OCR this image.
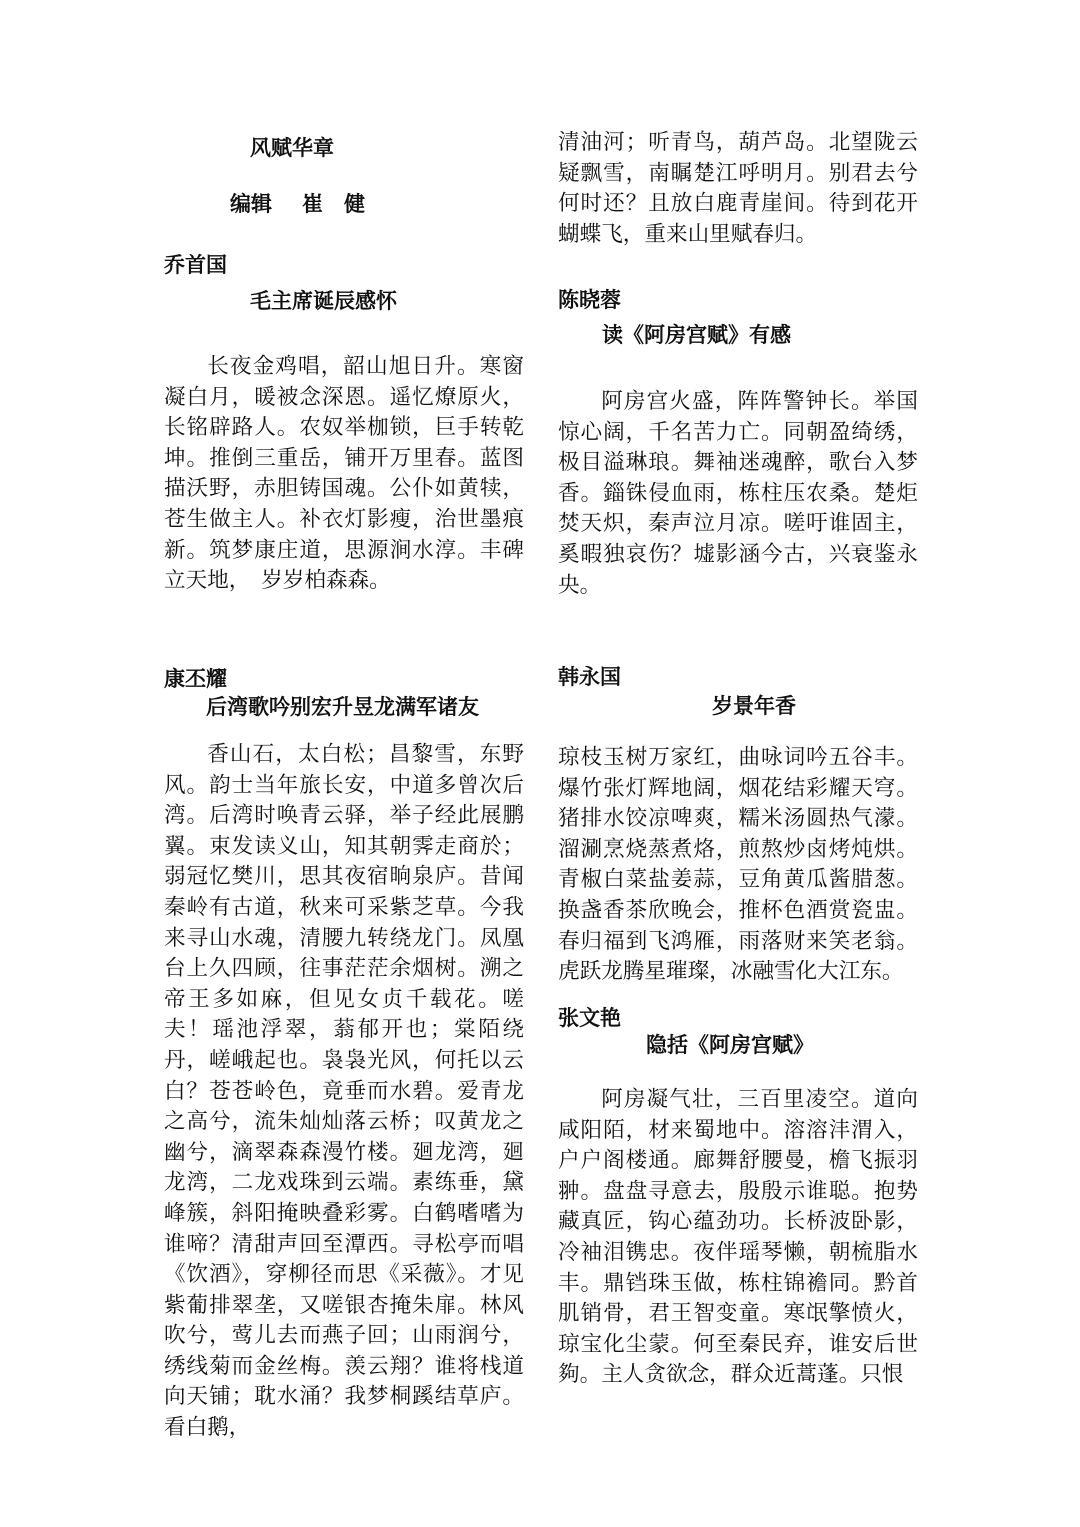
风赋华章
编辑 崔　健
乔首国
毛主席诞辰感怀
长夜金鸡唱，韶山旭日升。寒窗凝白月，暖被念深恩。遥忆燎原火，长铭辟路人。农奴举枷锁，巨手转乾坤。推倒三重岳，铺开万里春。蓝图描沃野，赤胆铸国魂。公仆如黄犊，苍生做主人。补衣灯影瘦，治世墨痕新。筑梦康庄道，思源涧水淳。丰碑立天地，　岁岁柏森森。
康丕耀
后湾歌吟别宏升昱龙满军诸友
香山石，太白松；昌黎雪，东野风。韵士当年旅长安，中道多曾次后湾。后湾时唤青云驿，举子经此展鹏翼。束发读义山，知其朝霁走商於；弱冠忆樊川，思其夜宿晌泉庐。昔闻秦岭有古道，秋来可采紫芝草。今我来寻山水魂，清腰九转绕龙门。凤凰台上久四顾，往事茫茫余烟树。溯之帝王多如麻，但见女贞千载花。嗟夫！瑶池浮翠，蓊郁开也；棠陌绕丹，嵯峨起也。袅袅光风，何托以云白？苍苍岭色，竟垂而水碧。爱青龙之高兮，流朱灿灿落云桥；叹黄龙之幽兮，滴翠森森漫竹楼。廻龙湾，廻龙湾，二龙戏珠到云端。素练垂，黛峰簇，斜阳掩映叠彩雾。白鹤嗜嗜为谁啼？清甜声回至潭西。寻松亭而唱《饮酒》，穿柳径而思《采薇》。才见紫葡排翠垄，又嗟银杏掩朱扉。林风吹兮，莺儿去而燕子回；山雨润兮，绣线菊而金丝梅。羡云翔？谁将栈道向天铺；耽水涌？我梦桐蹊结草庐。看白鹅，
清油河；听青鸟，葫芦岛。北望陇云疑飘雪，南瞩楚江呼明月。别君去兮何时还？且放白鹿青崖间。待到花开蝴蝶飞，重来山里赋春归。
陈晓蓉
读《阿房宫赋》有感
阿房宫火盛，阵阵警钟长。举国惊心阔，千名苦力亡。同朝盈绮绣，极目溢琳琅。舞袖迷魂醉，歌台入梦香。錙铢侵血雨，栋柱压农桑。楚炬焚天炽，秦声泣月凉。嗟吁谁固主，奚暇独哀伤？墟影涵今古，兴衰鉴永央。
韩永国
岁景年香
琼枝玉树万家红，曲咏词吟五谷丰。爆竹张灯辉地阔，烟花结彩耀天穹。猪排水饺凉啤爽，糯米汤圆热气濛。溜涮烹烧蒸煮烙，煎熬炒卤烤炖烘。青椒白菜盐姜蒜，豆角黄瓜酱腊葱。换盏香茶欣晚会，推杯色酒赏瓷盅。春归福到飞鸿雁，雨落财来笑老翁。虎跃龙腾星璀璨，冰融雪化大江东。
张文艳
隐括《阿房宫赋》
阿房凝气壮，三百里凌空。道向咸阳陌，材来蜀地中。溶溶沣渭入，户户阁楼通。廊舞舒腰曼，檐飞振羽翀。盘盘寻意去，殷殷示谁聪。抱势藏真匠，钩心蕴劲功。长桥波卧影，冷袖泪镌忠。夜伴瑶琴懒，朝梳脂水丰。鼎铛珠玉做，栋柱锦襜同。黔首肌销骨，君王智变童。寒氓擎愤火，琼宝化尘蒙。何至秦民弃，谁安后世夠。主人贪欲念，群众近蒿蓬。只恨
